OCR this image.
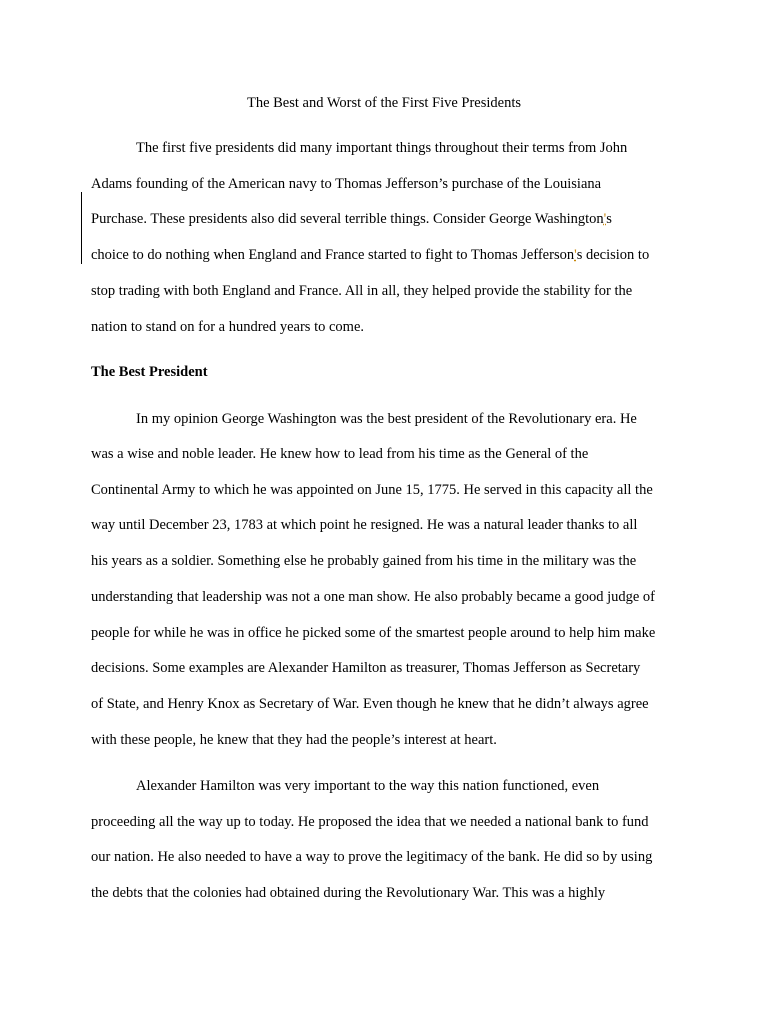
The Best and Worst of the First Five Presidents
The first five presidents did many important things throughout their terms from John
Adams founding of the American navy to Thomas Jefferson’s purchase of the Louisiana
Purchase. These presidents also did several terrible things. Consider George Washington's
choice to do nothing when England and France started to fight to Thomas Jefferson's decision to
stop trading with both England and France. All in all, they helped provide the stability for the
nation to stand on for a hundred years to come.
The Best President
In my opinion George Washington was the best president of the Revolutionary era. He
was a wise and noble leader. He knew how to lead from his time as the General of the
Continental Army to which he was appointed on June 15, 1775. He served in this capacity all the
way until December 23, 1783 at which point he resigned. He was a natural leader thanks to all
his years as a soldier. Something else he probably gained from his time in the military was the
understanding that leadership was not a one man show. He also probably became a good judge of
people for while he was in office he picked some of the smartest people around to help him make
decisions. Some examples are Alexander Hamilton as treasurer, Thomas Jefferson as Secretary
of State, and Henry Knox as Secretary of War. Even though he knew that he didn’t always agree
with these people, he knew that they had the people’s interest at heart.
Alexander Hamilton was very important to the way this nation functioned, even
proceeding all the way up to today. He proposed the idea that we needed a national bank to fund
our nation. He also needed to have a way to prove the legitimacy of the bank. He did so by using
the debts that the colonies had obtained during the Revolutionary War. This was a highly
